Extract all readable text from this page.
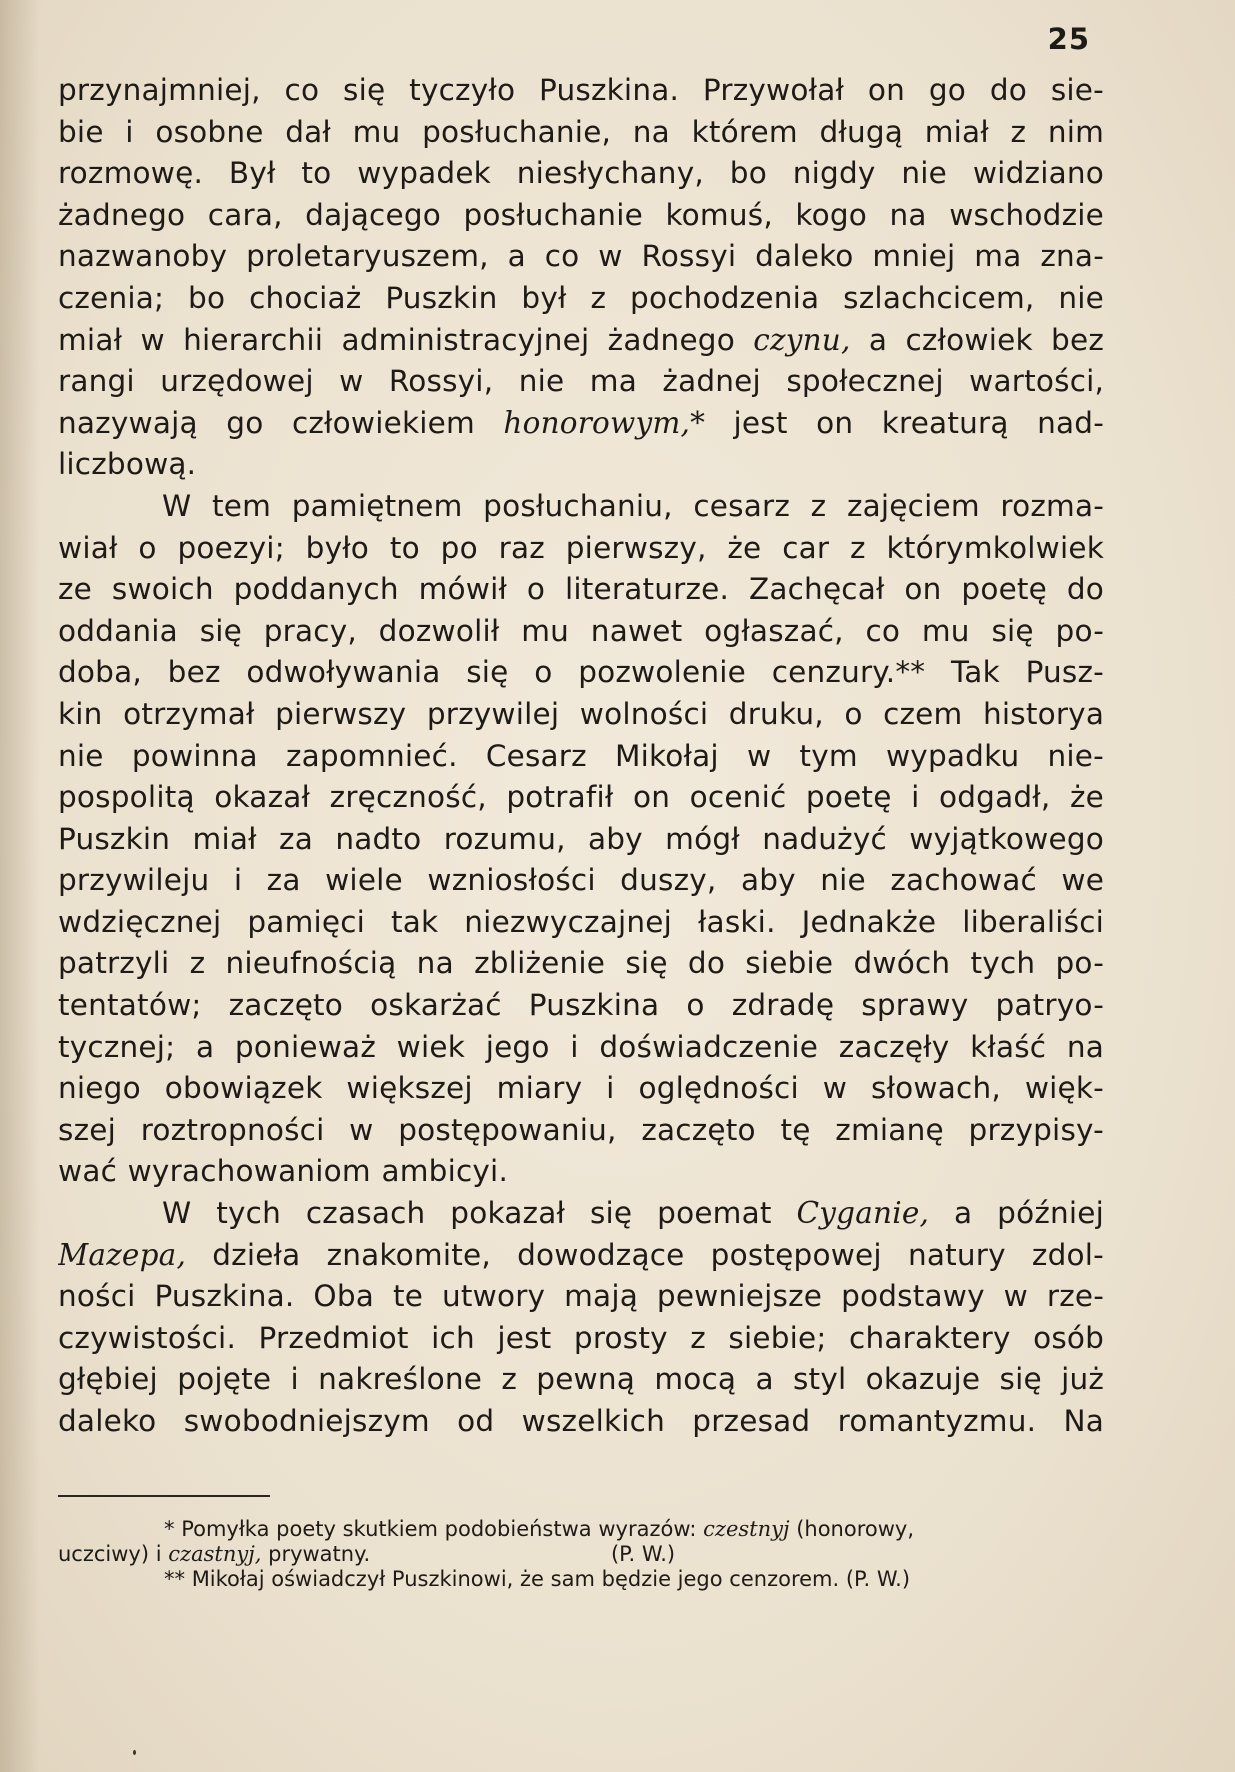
25
przynajmniej, co się tyczyło Puszkina. Przywołał on go do sie-
bie i osobne dał mu posłuchanie, na którem długą miał z nim
rozmowę. Był to wypadek niesłychany, bo nigdy nie widziano
żadnego cara, dającego posłuchanie komuś, kogo na wschodzie
nazwanoby proletaryuszem, a co w Rossyi daleko mniej ma zna-
czenia; bo chociaż Puszkin był z pochodzenia szlachcicem, nie
miał w hierarchii administracyjnej żadnego czynu, a człowiek bez
rangi urzędowej w Rossyi, nie ma żadnej społecznej wartości,
nazywają go człowiekiem honorowym,* jest on kreaturą nad-
liczbową.
W tem pamiętnem posłuchaniu, cesarz z zajęciem rozma-
wiał o poezyi; było to po raz pierwszy, że car z którymkolwiek
ze swoich poddanych mówił o literaturze. Zachęcał on poetę do
oddania się pracy, dozwolił mu nawet ogłaszać, co mu się po-
doba, bez odwoływania się o pozwolenie cenzury.** Tak Pusz-
kin otrzymał pierwszy przywilej wolności druku, o czem historya
nie powinna zapomnieć. Cesarz Mikołaj w tym wypadku nie-
pospolitą okazał zręczność, potrafił on ocenić poetę i odgadł, że
Puszkin miał za nadto rozumu, aby mógł nadużyć wyjątkowego
przywileju i za wiele wzniosłości duszy, aby nie zachować we
wdzięcznej pamięci tak niezwyczajnej łaski. Jednakże liberaliści
patrzyli z nieufnością na zbliżenie się do siebie dwóch tych po-
tentatów; zaczęto oskarżać Puszkina o zdradę sprawy patryo-
tycznej; a ponieważ wiek jego i doświadczenie zaczęły kłaść na
niego obowiązek większej miary i oględności w słowach, więk-
szej roztropności w postępowaniu, zaczęto tę zmianę przypisy-
wać wyrachowaniom ambicyi.
W tych czasach pokazał się poemat Cyganie, a później
Mazepa, dzieła znakomite, dowodzące postępowej natury zdol-
ności Puszkina. Oba te utwory mają pewniejsze podstawy w rze-
czywistości. Przedmiot ich jest prosty z siebie; charaktery osób
głębiej pojęte i nakreślone z pewną mocą a styl okazuje się już
daleko swobodniejszym od wszelkich przesad romantyzmu. Na
* Pomyłka poety skutkiem podobieństwa wyrazów: czestnyj (honorowy,
uczciwy) i czastnyj, prywatny.	(P. W.)
** Mikołaj oświadczył Puszkinowi, że sam będzie jego cenzorem. (P. W.)
